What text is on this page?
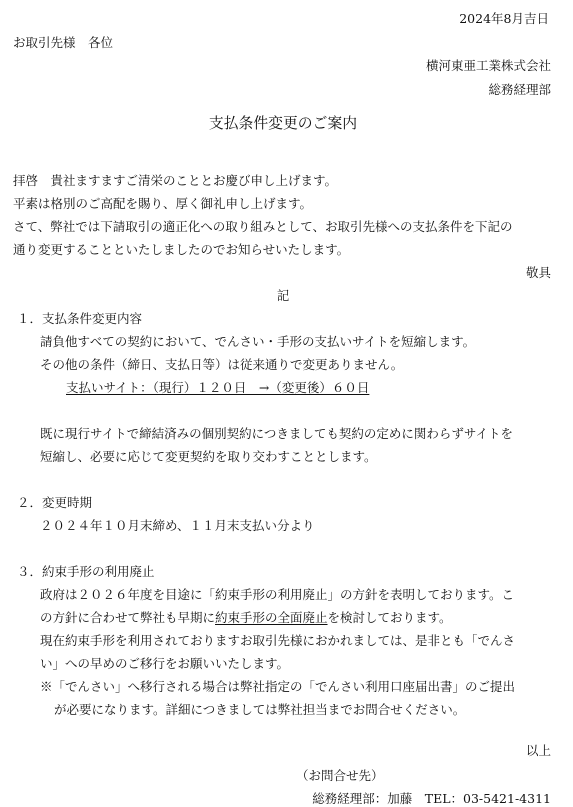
2024年8月吉日
お取引先様　各位
横河東亜工業株式会社
総務経理部
支払条件変更のご案内
拝啓　貴社ますますご清栄のこととお慶び申し上げます。
平素は格別のご高配を賜り、厚く御礼申し上げます。
さて、弊社では下請取引の適正化への取り組みとして、お取引先様への支払条件を下記の
通り変更することといたしましたのでお知らせいたします。
敬具
記
１．支払条件変更内容
請負他すべての契約において、でんさい・手形の支払いサイトを短縮します。
その他の条件（締日、支払日等）は従来通りで変更ありません。
支払いサイト：（現行）１２０日　→（変更後）６０日
既に現行サイトで締結済みの個別契約につきましても契約の定めに関わらずサイトを
短縮し、必要に応じて変更契約を取り交わすこととします。
２．変更時期
２０２４年１０月末締め、１１月末支払い分より
３．約束手形の利用廃止
政府は２０２６年度を目途に「約束手形の利用廃止」の方針を表明しております。こ
の方針に合わせて弊社も早期に約束手形の全面廃止を検討しております。
現在約束手形を利用されておりますお取引先様におかれましては、是非とも「でんさ
い」への早めのご移行をお願いいたします。
※「でんさい」へ移行される場合は弊社指定の「でんさい利用口座届出書」のご提出
が必要になります。詳細につきましては弊社担当までお問合せください。
以上
（お問合せ先）
総務経理部：加藤　TEL：03-5421-4311
